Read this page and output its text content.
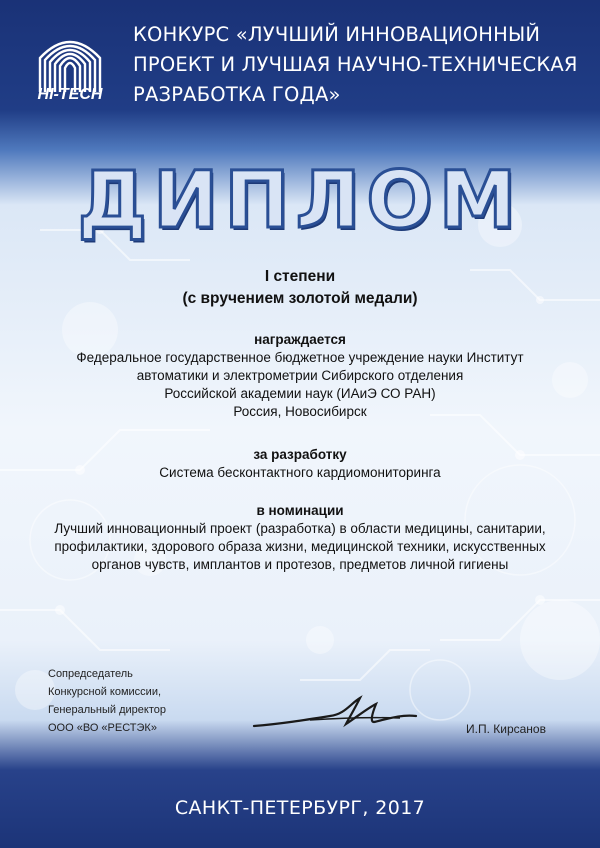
HI-TECH
КОНКУРС «ЛУЧШИЙ ИННОВАЦИОННЫЙ
ПРОЕКТ И ЛУЧШАЯ НАУЧНО-ТЕХНИЧЕСКАЯ
РАЗРАБОТКА ГОДА»
ДИПЛОМ
I степени
(с вручением золотой медали)
награждается
Федеральное государственное бюджетное учреждение науки Институт
автоматики и электрометрии Сибирского отделения
Российской академии наук (ИАиЭ СО РАН)
Россия, Новосибирск
за разработку
Система бесконтактного кардиомониторинга
в номинации
Лучший инновационный проект (разработка) в области медицины, санитарии,
профилактики, здорового образа жизни, медицинской техники, искусственных
органов чувств, имплантов и протезов, предметов личной гигиены
Сопредседатель
Конкурсной комиссии,
Генеральный директор
ООО «ВО «РЕСТЭК»	И.П. Кирсанов
САНКТ-ПЕТЕРБУРГ, 2017
